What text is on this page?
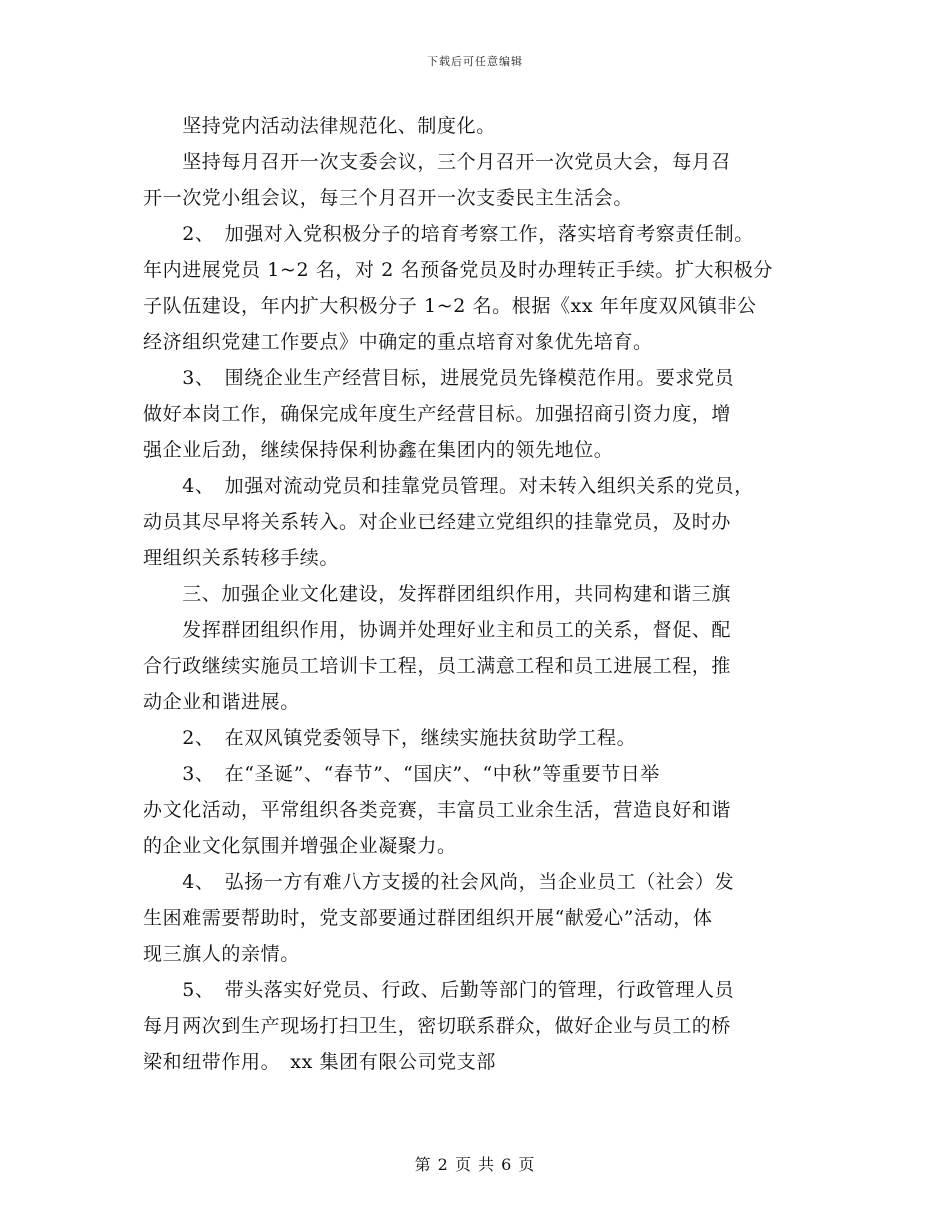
下载后可任意编辑
　　坚持党内活动法律规范化、制度化。
　　坚持每月召开一次支委会议，三个月召开一次党员大会，每月召
开一次党小组会议，每三个月召开一次支委民主生活会。
　　2、　加强对入党积极分子的培育考察工作，落实培育考察责任制。
年内进展党员 1~2 名，对 2 名预备党员及时办理转正手续。扩大积极分
子队伍建设，年内扩大积极分子 1~2 名。根据《xx 年年度双风镇非公
经济组织党建工作要点》中确定的重点培育对象优先培育。
　　3、　围绕企业生产经营目标，进展党员先锋模范作用。要求党员
做好本岗工作，确保完成年度生产经营目标。加强招商引资力度，增
强企业后劲，继续保持保利协鑫在集团内的领先地位。
　　4、　加强对流动党员和挂靠党员管理。对未转入组织关系的党员，
动员其尽早将关系转入。对企业已经建立党组织的挂靠党员，及时办
理组织关系转移手续。
　　三、加强企业文化建设，发挥群团组织作用，共同构建和谐三旗
　　发挥群团组织作用，协调并处理好业主和员工的关系，督促、配
合行政继续实施员工培训卡工程，员工满意工程和员工进展工程，推
动企业和谐进展。
　　2、　在双风镇党委领导下，继续实施扶贫助学工程。
　　3、　在“圣诞”、“春节”、“国庆”、“中秋”等重要节日举
办文化活动，平常组织各类竞赛，丰富员工业余生活，营造良好和谐
的企业文化氛围并增强企业凝聚力。
　　4、　弘扬一方有难八方支援的社会风尚，当企业员工（社会）发
生困难需要帮助时，党支部要通过群团组织开展“献爱心”活动，体
现三旗人的亲情。
　　5、　带头落实好党员、行政、后勤等部门的管理，行政管理人员
每月两次到生产现场打扫卫生，密切联系群众，做好企业与员工的桥
梁和纽带作用。　xx 集团有限公司党支部
第 2 页 共 6 页
